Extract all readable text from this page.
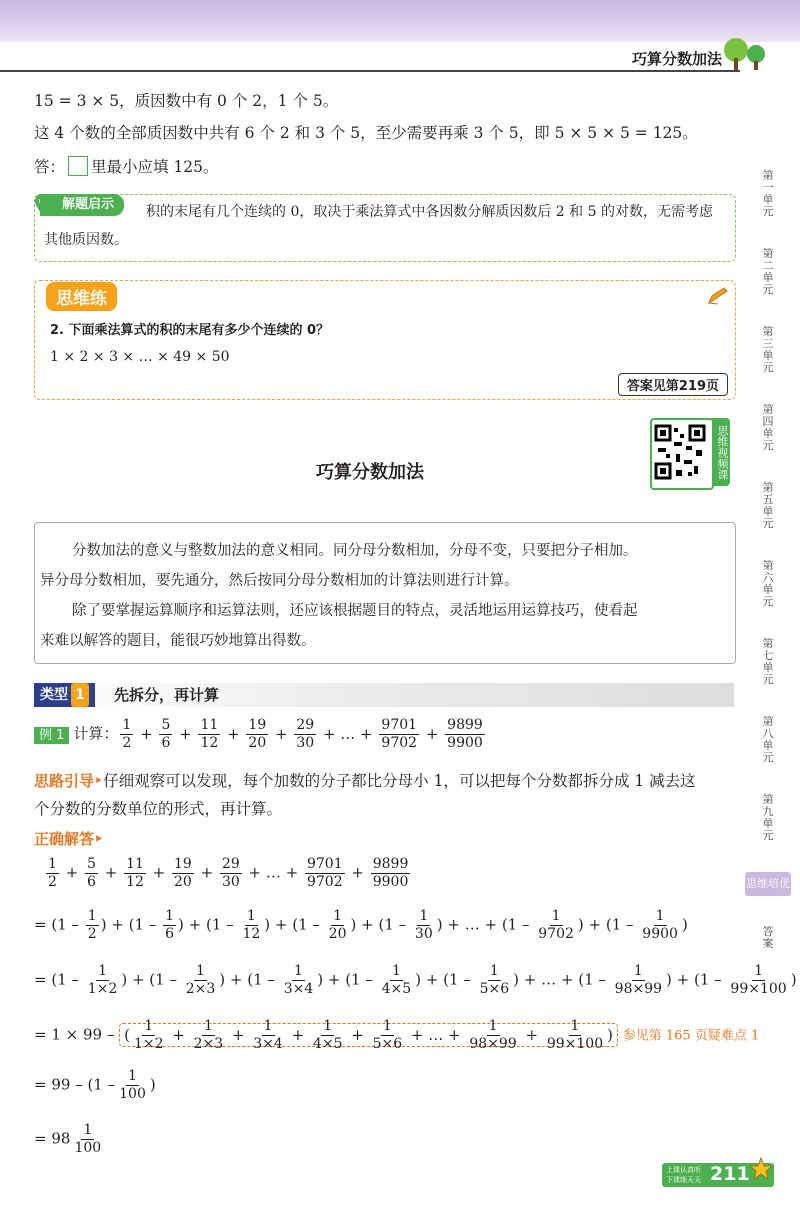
巧算分数加法
15 = 3 × 5，质因数中有 0 个 2，1 个 5。
这 4 个数的全部质因数中共有 6 个 2 和 3 个 5，至少需要再乘 3 个 5，即 5 × 5 × 5 = 125。
答： 里最小应填 125。
解题启示	积的末尾有几个连续的 0，取决于乘法算式中各因数分解质因数后 2 和 5 的对数，无需考虑
其他质因数。
思维练
2. 下面乘法算式的积的末尾有多少个连续的 0？
1 × 2 × 3 × … × 49 × 50
答案见第219页
思维视频课
巧算分数加法
分数加法的意义与整数加法的意义相同。同分母分数相加，分母不变，只要把分子相加。
异分母分数相加，要先通分，然后按同分母分数相加的计算法则进行计算。
除了要掌握运算顺序和运算法则，还应该根据题目的特点，灵活地运用运算技巧，使看起
来难以解答的题目，能很巧妙地算出得数。
类型 1	先拆分，再计算
例 1 计算： $\frac{1}{2} + \frac{5}{6} + \frac{11}{12} + \frac{19}{20} + \frac{29}{30}$ + … + $\frac{9701}{9702} + \frac{9899}{9900}$
思路引导‣仔细观察可以发现，每个加数的分子都比分母小 1，可以把每个分数都拆分成 1 减去这
个分数的分数单位的形式，再计算。
正确解答‣
$\frac{1}{2} + \frac{5}{6} + \frac{11}{12} + \frac{19}{20} + \frac{29}{30}$ + … + $\frac{9701}{9702} + \frac{9899}{9900}$
= ($1 - \frac{1}{2}$ ) + ($1 - \frac{1}{6}$ ) + ($1 - \frac{1}{12}$ ) + ($1 - \frac{1}{20}$ ) + ($1 - \frac{1}{30}$ ) + … + ($1 - \frac{1}{9702}$ ) + ($1 - \frac{1}{9900}$ )
= ($1 - \frac{1}{1\times 2}$ ) + ($1 - \frac{1}{2\times 3}$ ) + ($1 - \frac{1}{3\times 4}$ ) + ($1 - \frac{1}{4\times 5}$ ) + ($1 - \frac{1}{5\times 6}$ ) + … + ($1 - \frac{1}{98\times 99}$ ) + ($1 - \frac{1}{99\times 100}$ )
= 1 × 99 – ( $\frac{1}{1\times 2} + \frac{1}{2\times 3} + \frac{1}{3\times 4} + \frac{1}{4\times 5} + \frac{1}{5\times 6}$ + … + $\frac{1}{98\times 99} + \frac{1}{99\times 100}$ ) 参见第 165 页疑难点 1
= $99 - (1 - \frac{1}{100}$ )
= $98 \frac{1}{100}$
第一单元
第二单元
第三单元
第四单元
第五单元
第六单元
第七单元
第八单元
第九单元
思维培优
答案
上课认真听
下课练天天 211
